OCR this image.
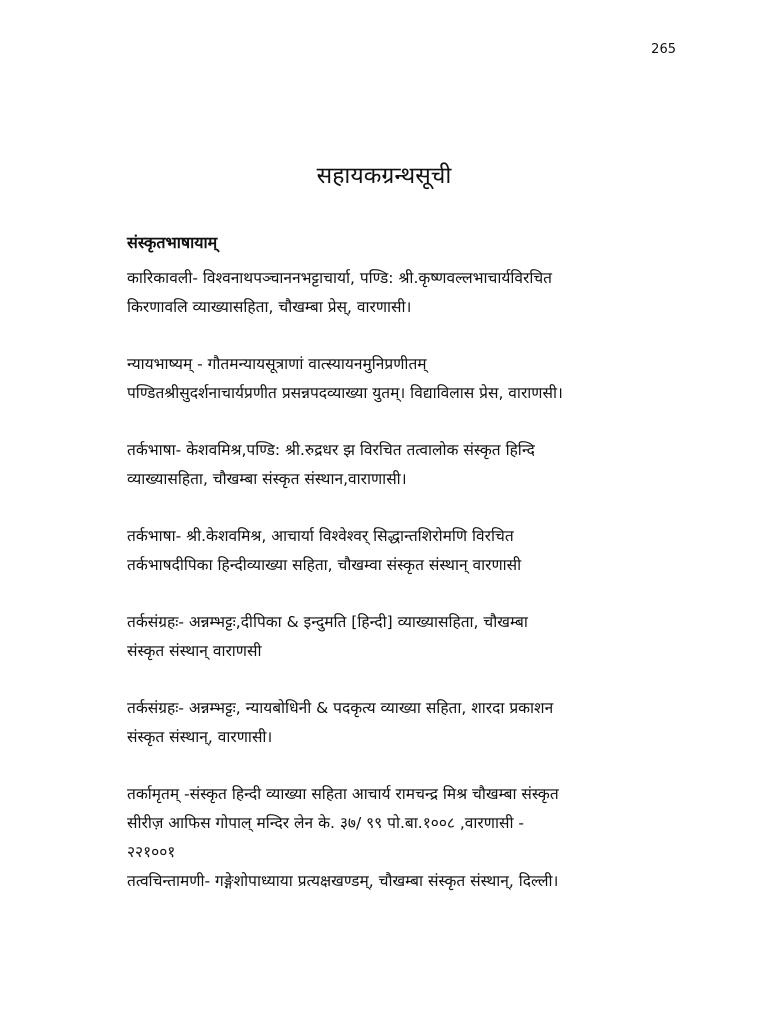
265
सहायकग्रन्थसूची
संस्कृतभाषायाम्
कारिकावली- विश्वनाथपञ्चाननभट्टाचार्या, पण्डि: श्री.कृष्णवल्लभाचार्यविरचित
किरणावलि व्याख्यासहिता, चौखम्बा प्रेस्, वारणासी।
न्यायभाष्यम् - गौतमन्यायसूत्राणां वात्स्यायनमुनिप्रणीतम्
पण्डितश्रीसुदर्शनाचार्यप्रणीत प्रसन्नपदव्याख्या युतम्। विद्याविलास प्रेस, वाराणसी।
तर्कभाषा- केशवमिश्र,पण्डि: श्री.रुद्रधर झ विरचित तत्वालोक संस्कृत हिन्दि
व्याख्यासहिता, चौखम्बा संस्कृत संस्थान,वाराणासी।
तर्कभाषा- श्री.केशवमिश्र, आचार्या विश्वेश्वर् सिद्धान्तशिरोमणि विरचित
तर्कभाषदीपिका हिन्दीव्याख्या सहिता, चौखम्वा संस्कृत संस्थान् वारणासी
तर्कसंग्रहः- अन्नम्भट्टः,दीपिका & इन्दुमति [हिन्दी] व्याख्यासहिता, चौखम्बा
संस्कृत संस्थान् वाराणसी
तर्कसंग्रहः- अन्नम्भट्टः, न्यायबोधिनी & पदकृत्य व्याख्या सहिता, शारदा प्रकाशन
संस्कृत संस्थान्, वारणासी।
तर्कामृतम् -संस्कृत हिन्दी व्याख्या सहिता आचार्य रामचन्द्र मिश्र चौखम्बा संस्कृत
सीरीज़ आफिस गोपाल् मन्दिर लेन के. ३७/ ९९ पो.बा.१००८ ,वारणासी -
२२१००१
तत्वचिन्तामणी- गङ्गेशोपाध्याया प्रत्यक्षखण्डम्, चौखम्बा संस्कृत संस्थान्, दिल्ली।
